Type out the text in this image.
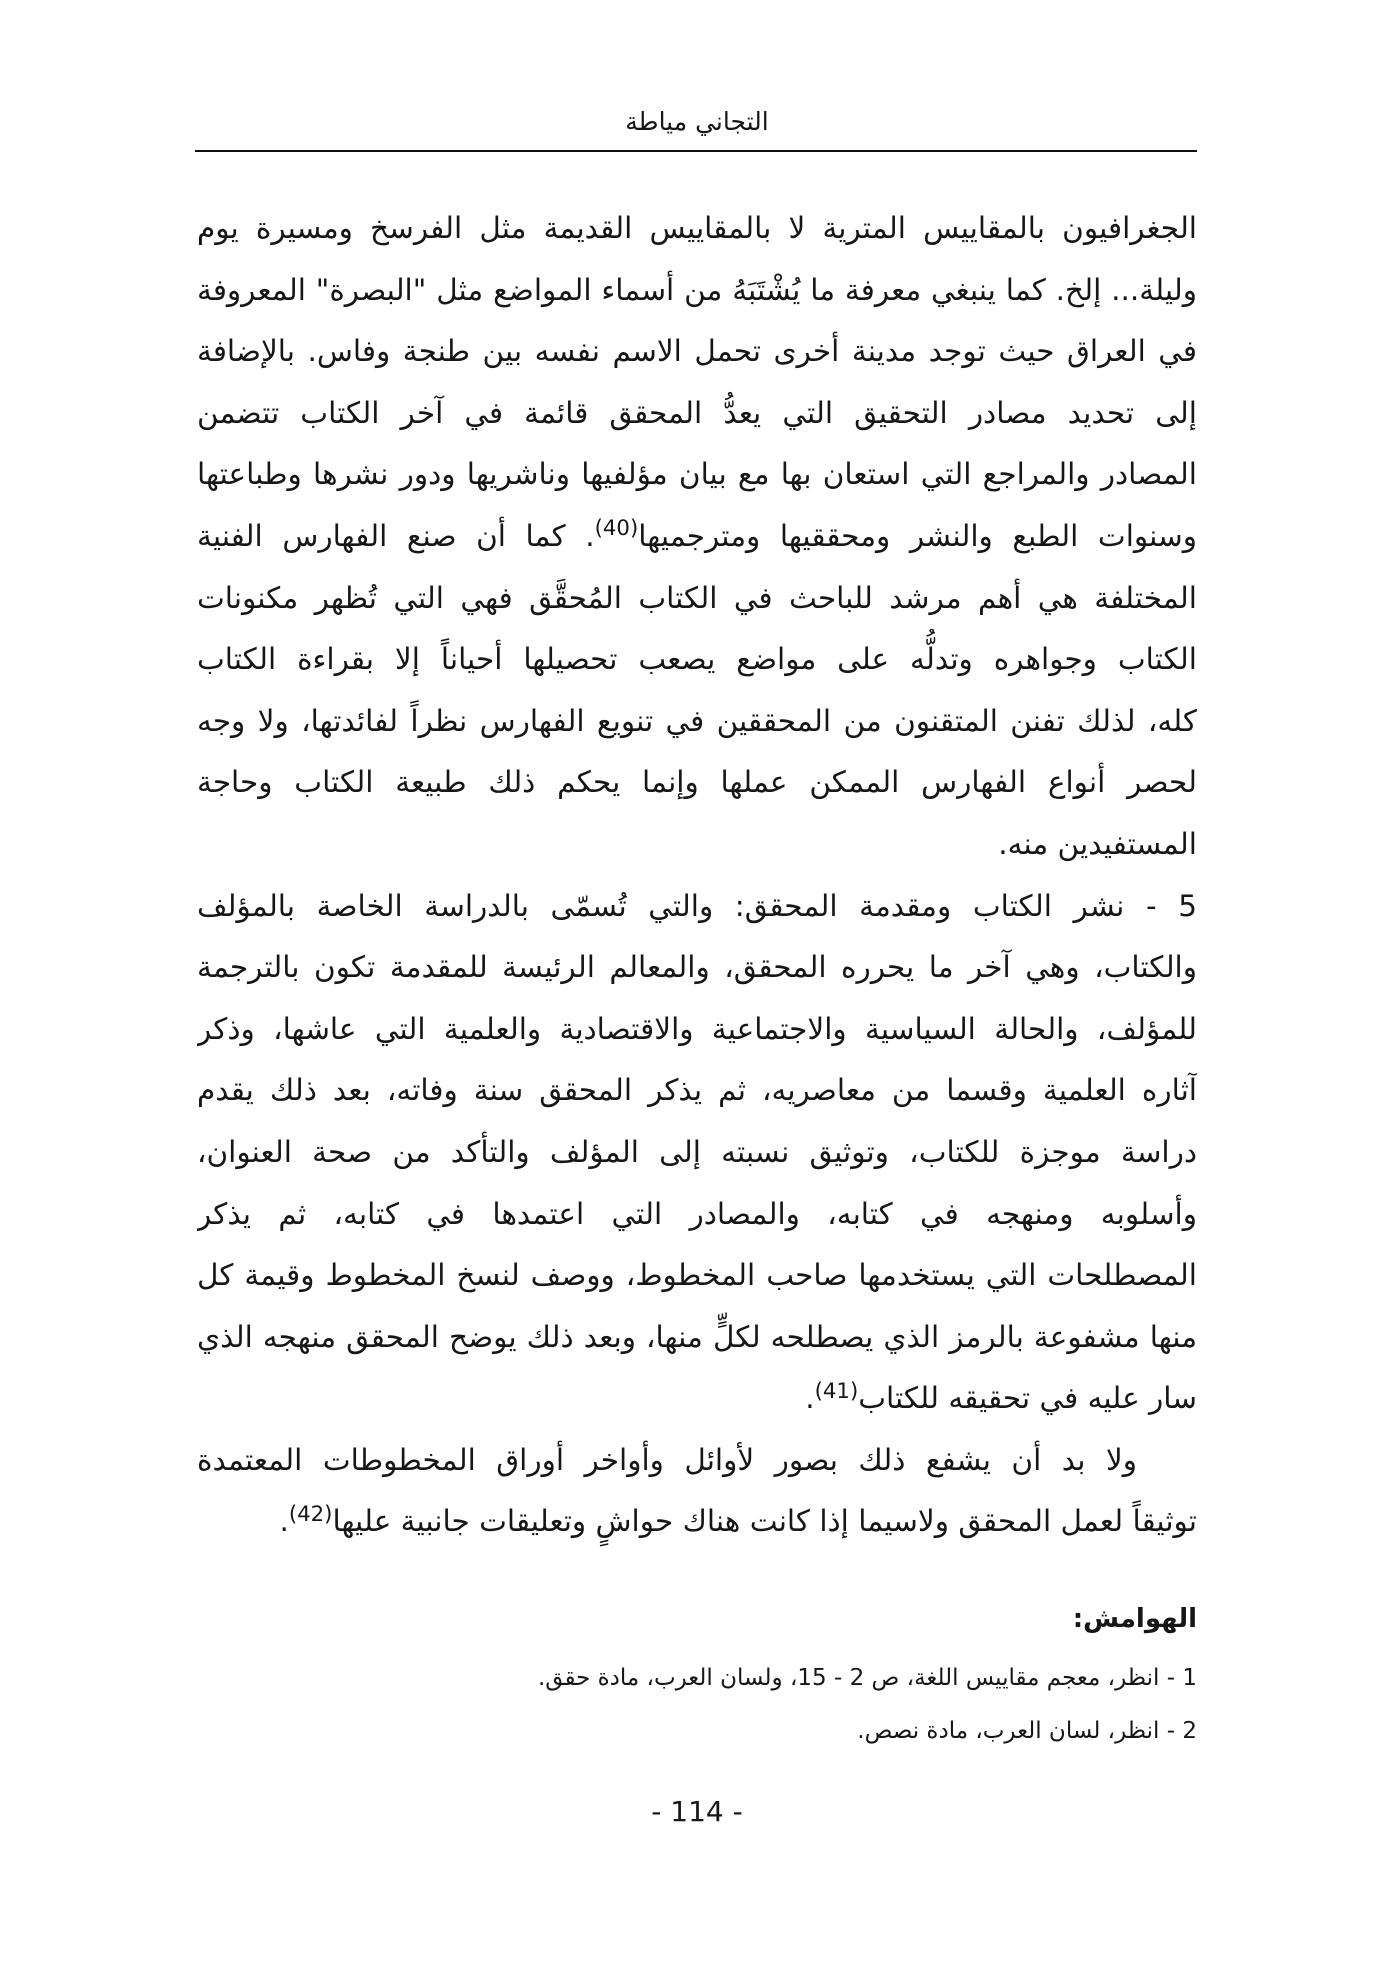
التجاني مياطة
الجغرافيون بالمقاييس المترية لا بالمقاييس القديمة مثل الفرسخ ومسيرة يوم
وليلة... إلخ. كما ينبغي معرفة ما يُشْتَبَهُ من أسماء المواضع مثل "البصرة" المعروفة
في العراق حيث توجد مدينة أخرى تحمل الاسم نفسه بين طنجة وفاس. بالإضافة
إلى تحديد مصادر التحقيق التي يعدُّ المحقق قائمة في آخر الكتاب تتضمن
المصادر والمراجع التي استعان بها مع بيان مؤلفيها وناشريها ودور نشرها وطباعتها
وسنوات الطبع والنشر ومحققيها ومترجميها$^{(40)}$. كما أن صنع الفهارس الفنية
المختلفة هي أهم مرشد للباحث في الكتاب المُحقَّق فهي التي تُظهر مكنونات
الكتاب وجواهره وتدلُّه على مواضع يصعب تحصيلها أحياناً إلا بقراءة الكتاب
كله، لذلك تفنن المتقنون من المحققين في تنويع الفهارس نظراً لفائدتها، ولا وجه
لحصر أنواع الفهارس الممكن عملها وإنما يحكم ذلك طبيعة الكتاب وحاجة
المستفيدين منه.
5 - نشر الكتاب ومقدمة المحقق: والتي تُسمّى بالدراسة الخاصة بالمؤلف
والكتاب، وهي آخر ما يحرره المحقق، والمعالم الرئيسة للمقدمة تكون بالترجمة
للمؤلف، والحالة السياسية والاجتماعية والاقتصادية والعلمية التي عاشها، وذكر
آثاره العلمية وقسما من معاصريه، ثم يذكر المحقق سنة وفاته، بعد ذلك يقدم
دراسة موجزة للكتاب، وتوثيق نسبته إلى المؤلف والتأكد من صحة العنوان،
وأسلوبه ومنهجه في كتابه، والمصادر التي اعتمدها في كتابه، ثم يذكر
المصطلحات التي يستخدمها صاحب المخطوط، ووصف لنسخ المخطوط وقيمة كل
منها مشفوعة بالرمز الذي يصطلحه لكلٍّ منها، وبعد ذلك يوضح المحقق منهجه الذي
سار عليه في تحقيقه للكتاب$^{(41)}$.
ولا بد أن يشفع ذلك بصور لأوائل وأواخر أوراق المخطوطات المعتمدة
توثيقاً لعمل المحقق ولاسيما إذا كانت هناك حواشٍ وتعليقات جانبية عليها$^{(42)}$.
الهوامش:
1 - انظر، معجم مقاييس اللغة، ص 2 - 15، ولسان العرب، مادة حقق.
2 - انظر، لسان العرب، مادة نصص.
- 114 -
